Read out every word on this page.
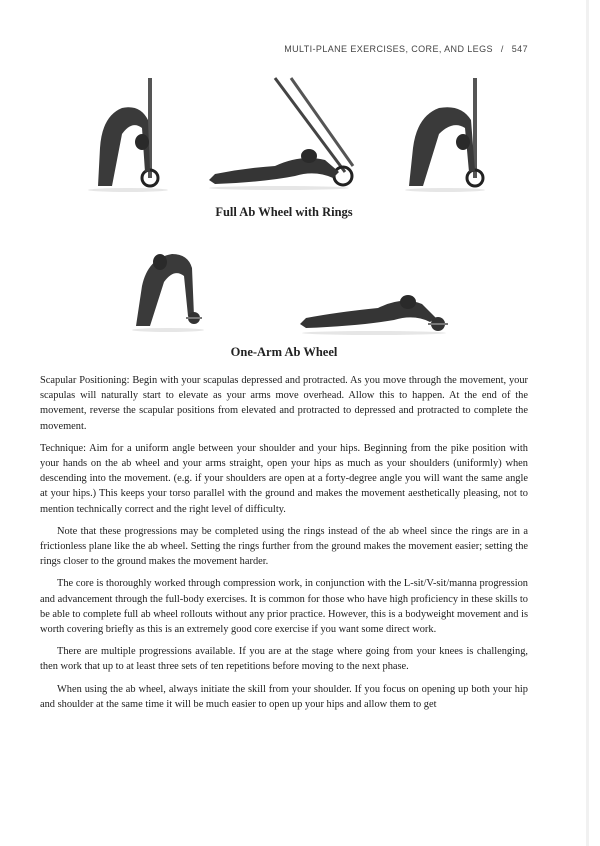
MULTI-PLANE EXERCISES, CORE, AND LEGS / 547
Full Ab Wheel with Rings
One-Arm Ab Wheel

Scapular Positioning: Begin with your scapulas depressed and protracted. As you move through the movement, your scapulas will naturally start to elevate as your arms move overhead. Allow this to happen. At the end of the movement, reverse the scapular positions from elevated and protracted to depressed and protracted to complete the movement.

Technique: Aim for a uniform angle between your shoulder and your hips. Beginning from the pike position with your hands on the ab wheel and your arms straight, open your hips as much as your shoulders (uniformly) when descending into the movement. (e.g. if your shoulders are open at a forty-degree angle you will want the same angle at your hips.) This keeps your torso parallel with the ground and makes the movement aesthetically pleasing, not to mention technically correct and the right level of difficulty.

Note that these progressions may be completed using the rings instead of the ab wheel since the rings are in a frictionless plane like the ab wheel. Setting the rings further from the ground makes the movement easier; setting the rings closer to the ground makes the movement harder.

The core is thoroughly worked through compression work, in conjunction with the L-sit/V-sit/manna progression and advancement through the full-body exercises. It is common for those who have high proficiency in these skills to be able to complete full ab wheel rollouts without any prior practice. However, this is a bodyweight movement and is worth covering briefly as this is an extremely good core exercise if you want some direct work.

There are multiple progressions available. If you are at the stage where going from your knees is challenging, then work that up to at least three sets of ten repetitions before moving to the next phase.

When using the ab wheel, always initiate the skill from your shoulder. If you focus on opening up both your hip and shoulder at the same time it will be much easier to open up your hips and allow them to get
